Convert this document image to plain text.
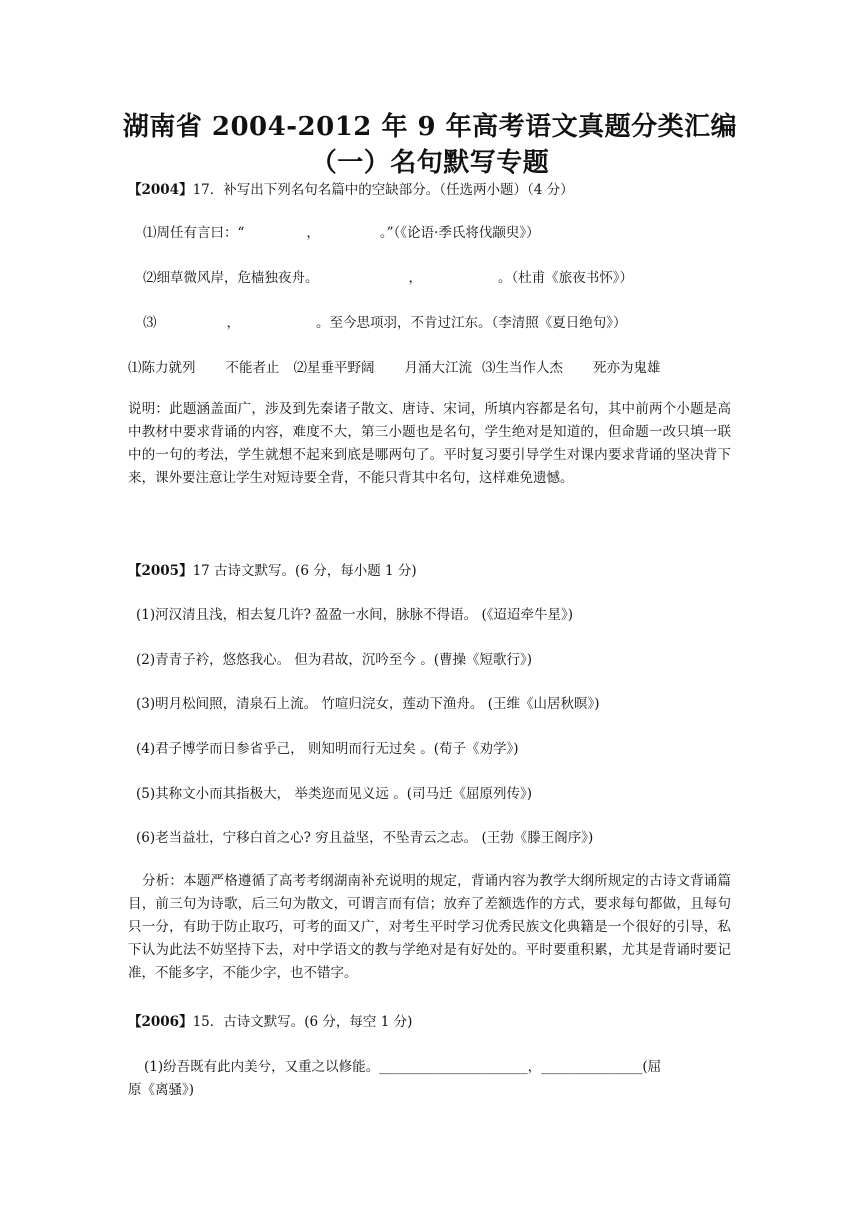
湖南省 2004-2012 年 9 年高考语文真题分类汇编
（一）名句默写专题
【2004】17．补写出下列名句名篇中的空缺部分。（任选两小题）（4 分）
⑴周任有言曰：“	，	。”（《论语·季氏将伐颛臾》）
⑵细草微风岸，危樯独夜舟。	，	。（杜甫《旅夜书怀》）
⑶	，	。至今思项羽，不肯过江东。（李清照《夏日绝句》）
⑴陈力就列 不能者止 ⑵星垂平野阔 月涌大江流 ⑶生当作人杰 死亦为鬼雄
说明：此题涵盖面广，涉及到先秦诸子散文、唐诗、宋词，所填内容都是名句，其中前两个小题是高中教材中要求背诵的内容，难度不大，第三小题也是名句，学生绝对是知道的，但命题一改只填一联中的一句的考法，学生就想不起来到底是哪两句了。平时复习要引导学生对课内要求背诵的坚决背下来，课外要注意让学生对短诗要全背，不能只背其中名句，这样难免遗憾。
【2005】17 古诗文默写。(6 分，每小题 1 分)
(1)河汉清且浅，相去复几许? 盈盈一水间，脉脉不得语。 (《迢迢牵牛星》)
(2)青青子衿，悠悠我心。 但为君故，沉吟至今 。(曹操《短歌行》)
(3)明月松间照，清泉石上流。 竹喧归浣女，莲动下渔舟。 (王维《山居秋暝》)
(4)君子博学而日参省乎己， 则知明而行无过矣 。(荀子《劝学》)
(5)其称文小而其指极大， 举类迩而见义远 。(司马迁《屈原列传》)
(6)老当益壮，宁移白首之心? 穷且益坚，不坠青云之志。 (王勃《滕王阁序》)
分析：本题严格遵循了高考考纲湖南补充说明的规定，背诵内容为教学大纲所规定的古诗文背诵篇目，前三句为诗歌，后三句为散文，可谓言而有信；放弃了差额选作的方式，要求每句都做，且每句只一分，有助于防止取巧，可考的面又广，对考生平时学习优秀民族文化典籍是一个很好的引导，私下认为此法不妨坚持下去，对中学语文的教与学绝对是有好处的。平时要重积累，尤其是背诵时要记准，不能多字，不能少字，也不错字。
【2006】15．古诗文默写。(6 分，每空 1 分)
(1)纷吾既有此内美兮，又重之以修能。______________________，_______________(屈
原《离骚》)
